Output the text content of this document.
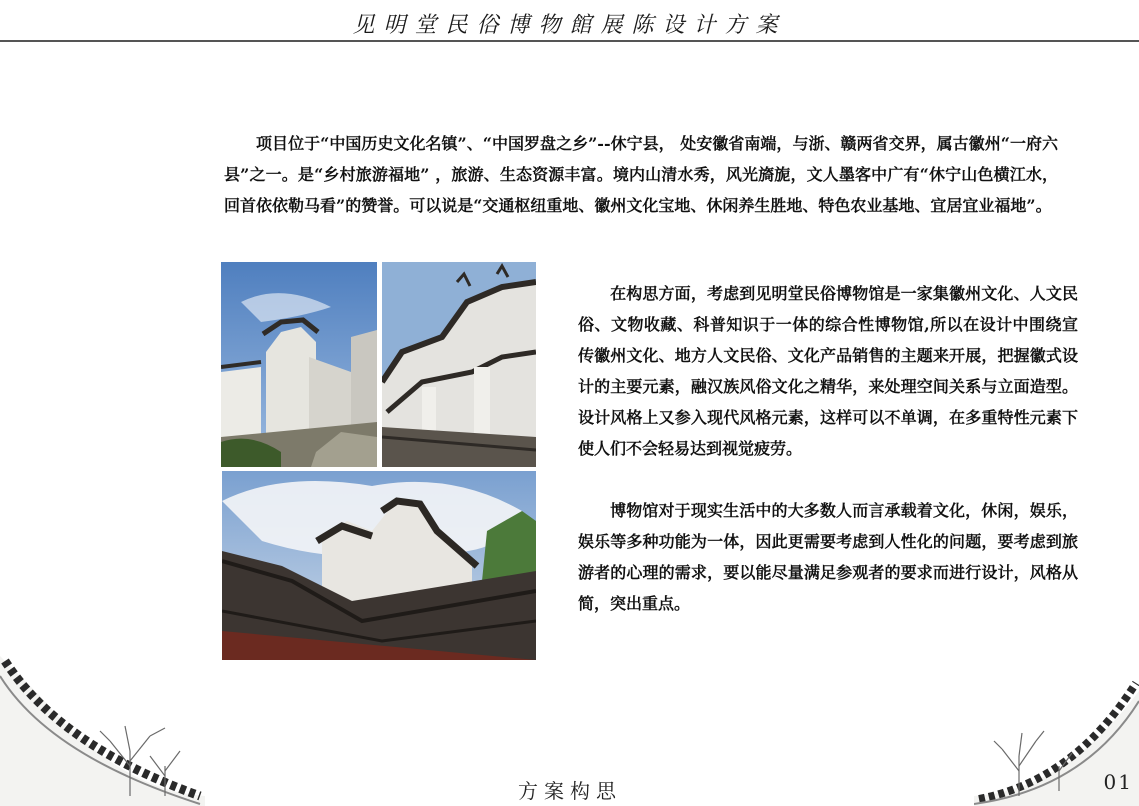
见明堂民俗博物館展陈设计方案

项目位于“中国历史文化名镇”、“中国罗盘之乡”--休宁县， 处安徽省南端，与浙、赣两省交界，属古徽州“一府六县”之一。是“乡村旅游福地” ，旅游、生态资源丰富。境内山清水秀，风光旖旎，文人墨客中广有“休宁山色横江水，回首依依勒马看”的赞誉。可以说是“交通枢纽重地、徽州文化宝地、休闲养生胜地、特色农业基地、宜居宜业福地”。

在构思方面，考虑到见明堂民俗博物馆是一家集徽州文化、人文民俗、文物收藏、科普知识于一体的综合性博物馆,所以在设计中围绕宣传徽州文化、地方人文民俗、文化产品销售的主题来开展，把握徽式设计的主要元素，融汉族风俗文化之精华，来处理空间关系与立面造型。设计风格上又参入现代风格元素，这样可以不单调，在多重特性元素下使人们不会轻易达到视觉疲劳。

博物馆对于现实生活中的大多数人而言承载着文化，休闲，娱乐，娱乐等多种功能为一体，因此更需要考虑到人性化的问题，要考虑到旅游者的心理的需求，要以能尽量满足参观者的要求而进行设计，风格从简，突出重点。

方案构思	01
